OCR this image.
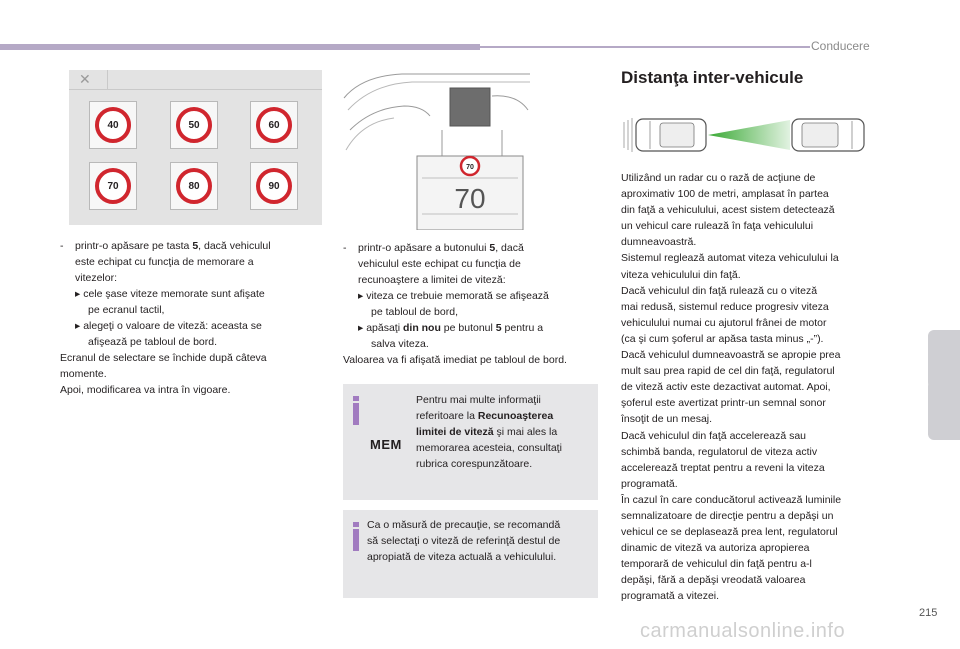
Conducere
6
✕
40	50	60
70	80	90

- printr-o apăsare pe tasta 5, dacă vehiculul

este echipat cu funcţia de memorare a

vitezelor:

▸ cele şase viteze memorate sunt afişate

pe ecranul tactil,

▸ alegeţi o valoare de viteză: aceasta se

afişează pe tabloul de bord.

Ecranul de selectare se închide după câteva

momente.

Apoi, modificarea va intra în vigoare.

70
70

- printr-o apăsare a butonului 5, dacă

vehiculul este echipat cu funcţia de

recunoaştere a limitei de viteză:

▸ viteza ce trebuie memorată se afişează

pe tabloul de bord,

▸ apăsaţi din nou pe butonul 5 pentru a

salva viteza.

Valoarea va fi afişată imediat pe tabloul de bord.

MEM

Pentru mai multe informaţii

referitoare la Recunoaşterea

limitei de viteză şi mai ales la

memorarea acesteia, consultaţi

rubrica corespunzătoare.

Ca o măsură de precauţie, se recomandă

să selectaţi o viteză de referinţă destul de

apropiată de viteza actuală a vehiculului.

Distanţa inter-vehicule

Utilizând un radar cu o rază de acţiune de

aproximativ 100 de metri, amplasat în partea

din faţă a vehiculului, acest sistem detectează

un vehicul care rulează în faţa vehiculului

dumneavoastră.

Sistemul reglează automat viteza vehiculului la

viteza vehiculului din faţă.

Dacă vehiculul din faţă rulează cu o viteză

mai redusă, sistemul reduce progresiv viteza

vehiculului numai cu ajutorul frânei de motor

(ca şi cum şoferul ar apăsa tasta minus „-”).

Dacă vehiculul dumneavoastră se apropie prea

mult sau prea rapid de cel din faţă, regulatorul

de viteză activ este dezactivat automat. Apoi,

şoferul este avertizat printr-un semnal sonor

însoţit de un mesaj.

Dacă vehiculul din faţă accelerează sau

schimbă banda, regulatorul de viteza activ

accelerează treptat pentru a reveni la viteza

programată.

În cazul în care conducătorul activează luminile

semnalizatoare de direcţie pentru a depăşi un

vehicul ce se deplasează prea lent, regulatorul

dinamic de viteză va autoriza apropierea

temporară de vehiculul din faţă pentru a-l

depăşi, fără a depăşi vreodată valoarea

programată a vitezei.

215
carmanualsonline.info
